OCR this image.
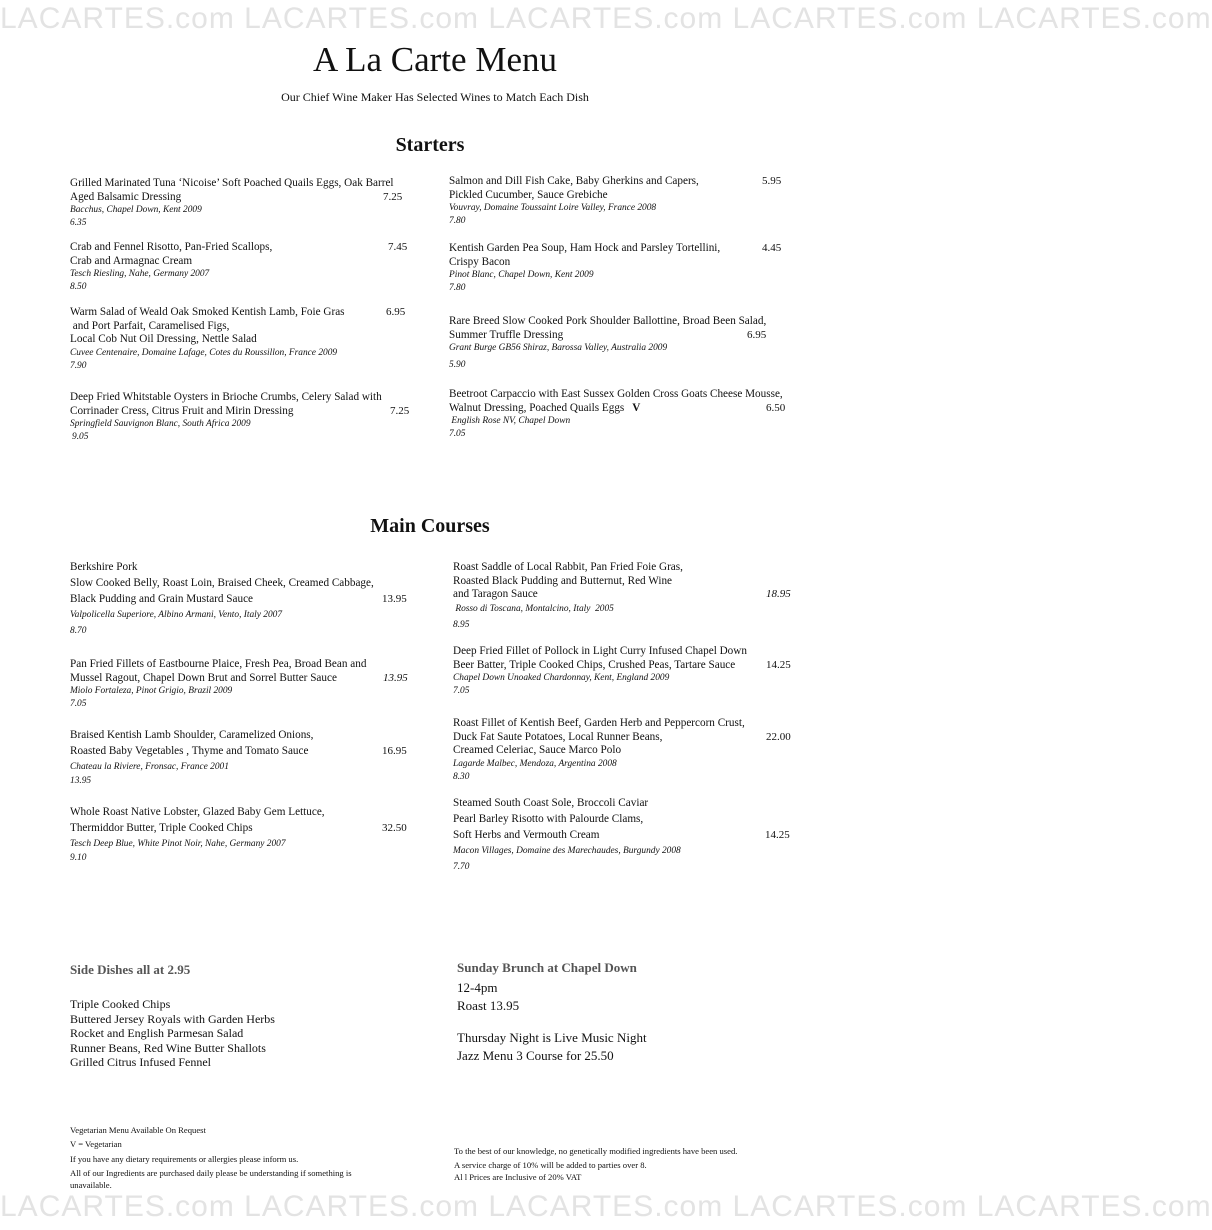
LACARTES.com LACARTES.com LACARTES.com LACARTES.com LACARTES.com
A La Carte Menu
Our Chief Wine Maker Has Selected Wines to Match Each Dish
Starters
Grilled Marinated Tuna ‘Nicoise’ Soft Poached Quails Eggs, Oak Barrel
Aged Balsamic Dressing	7.25
Bacchus, Chapel Down, Kent 2009
6.35
Crab and Fennel Risotto, Pan-Fried Scallops,	7.45
Crab and Armagnac Cream
Tesch Riesling, Nahe, Germany 2007
8.50
Warm Salad of Weald Oak Smoked Kentish Lamb, Foie Gras	6.95
and Port Parfait, Caramelised Figs,
Local Cob Nut Oil Dressing, Nettle Salad
Cuvee Centenaire, Domaine Lafage, Cotes du Roussillon, France 2009
7.90
Deep Fried Whitstable Oysters in Brioche Crumbs, Celery Salad with
Corrinader Cress, Citrus Fruit and Mirin Dressing	7.25
Springfield Sauvignon Blanc, South Africa 2009
9.05
Salmon and Dill Fish Cake, Baby Gherkins and Capers,	5.95
Pickled Cucumber, Sauce Grebiche
Vouvray, Domaine Toussaint Loire Valley, France 2008
7.80
Kentish Garden Pea Soup, Ham Hock and Parsley Tortellini,	4.45
Crispy Bacon
Pinot Blanc, Chapel Down, Kent 2009
7.80
Rare Breed Slow Cooked Pork Shoulder Ballottine, Broad Been Salad,
Summer Truffle Dressing	6.95
Grant Burge GB56 Shiraz, Barossa Valley, Australia 2009
5.90
Beetroot Carpaccio with East Sussex Golden Cross Goats Cheese Mousse,
Walnut Dressing, Poached Quails Eggs V	6.50
English Rose NV, Chapel Down
7.05
Main Courses
Berkshire Pork
Slow Cooked Belly, Roast Loin, Braised Cheek, Creamed Cabbage,
Black Pudding and Grain Mustard Sauce	13.95
Valpolicella Superiore, Albino Armani, Vento, Italy 2007
8.70
Pan Fried Fillets of Eastbourne Plaice, Fresh Pea, Broad Bean and
Mussel Ragout, Chapel Down Brut and Sorrel Butter Sauce	13.95
Miolo Fortaleza, Pinot Grigio, Brazil 2009
7.05
Braised Kentish Lamb Shoulder, Caramelized Onions,
Roasted Baby Vegetables , Thyme and Tomato Sauce	16.95
Chateau la Riviere, Fronsac, France 2001
13.95
Whole Roast Native Lobster, Glazed Baby Gem Lettuce,
Thermiddor Butter, Triple Cooked Chips	32.50
Tesch Deep Blue, White Pinot Noir, Nahe, Germany 2007
9.10
Roast Saddle of Local Rabbit, Pan Fried Foie Gras,
Roasted Black Pudding and Butternut, Red Wine
and Taragon Sauce	18.95
Rosso di Toscana, Montalcino, Italy  2005
8.95
Deep Fried Fillet of Pollock in Light Curry Infused Chapel Down
Beer Batter, Triple Cooked Chips, Crushed Peas, Tartare Sauce	14.25
Chapel Down Unoaked Chardonnay, Kent, England 2009
7.05
Roast Fillet of Kentish Beef, Garden Herb and Peppercorn Crust,
Duck Fat Saute Potatoes, Local Runner Beans,	22.00
Creamed Celeriac, Sauce Marco Polo
Lagarde Malbec, Mendoza, Argentina 2008
8.30
Steamed South Coast Sole, Broccoli Caviar
Pearl Barley Risotto with Palourde Clams,
Soft Herbs and Vermouth Cream	14.25
Macon Villages, Domaine des Marechaudes, Burgundy 2008
7.70
Side Dishes all at 2.95
Triple Cooked Chips
Buttered Jersey Royals with Garden Herbs
Rocket and English Parmesan Salad
Runner Beans, Red Wine Butter Shallots
Grilled Citrus Infused Fennel
Sunday Brunch at Chapel Down
12-4pm
Roast 13.95
Thursday Night is Live Music Night
Jazz Menu 3 Course for 25.50
Vegetarian Menu Available On Request
V = Vegetarian
If you have any dietary requirements or allergies please inform us.
All of our Ingredients are purchased daily please be understanding if something is
unavailable.
To the best of our knowledge, no genetically modified ingredients have been used.
A service charge of 10% will be added to parties over 8.
Al l Prices are Inclusive of 20% VAT
LACARTES.com LACARTES.com LACARTES.com LACARTES.com LACARTES.com
